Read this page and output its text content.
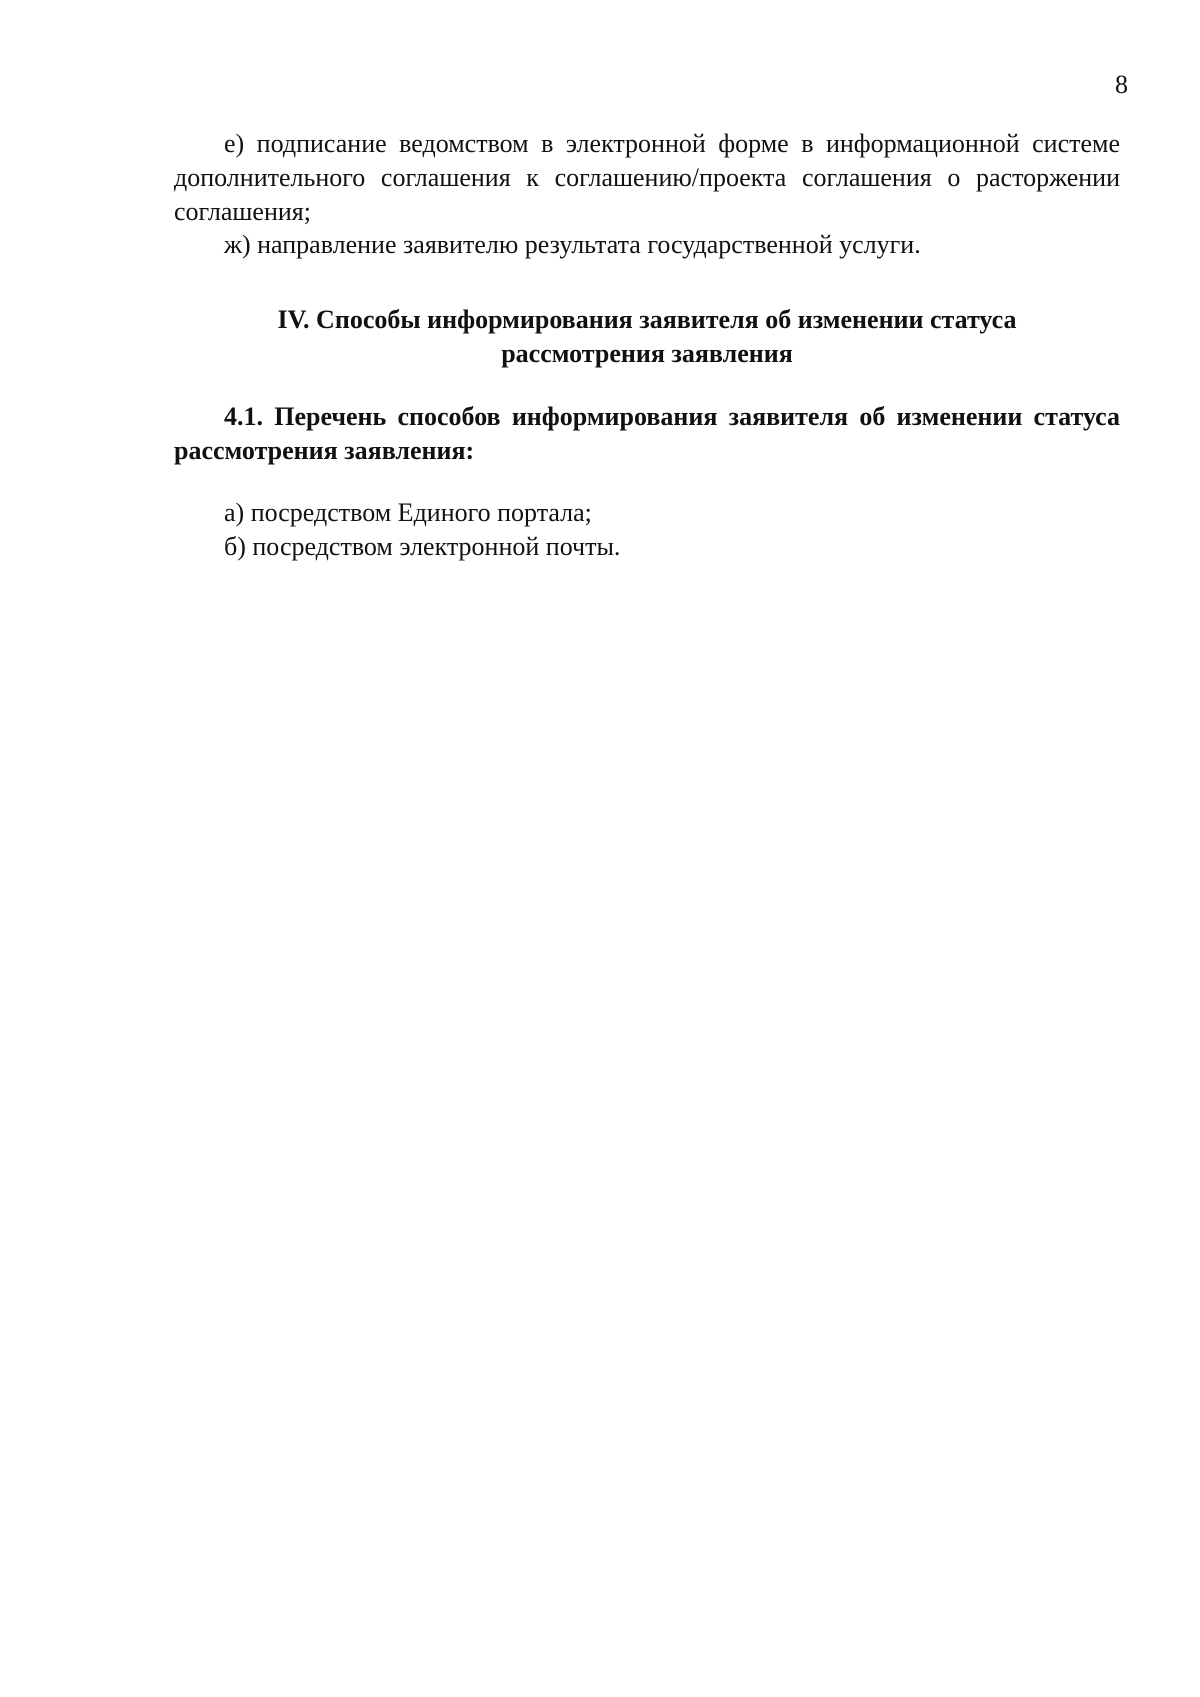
8

е) подписание ведомством в электронной форме в информационной системе дополнительного соглашения к соглашению/проекта соглашения о расторжении соглашения;

ж) направление заявителю результата государственной услуги.

IV. Способы информирования заявителя об изменении статуса
рассмотрения заявления
4.1. Перечень способов информирования заявителя об изменении статуса рассмотрения заявления:
а) посредством Единого портала;
б) посредством электронной почты.
